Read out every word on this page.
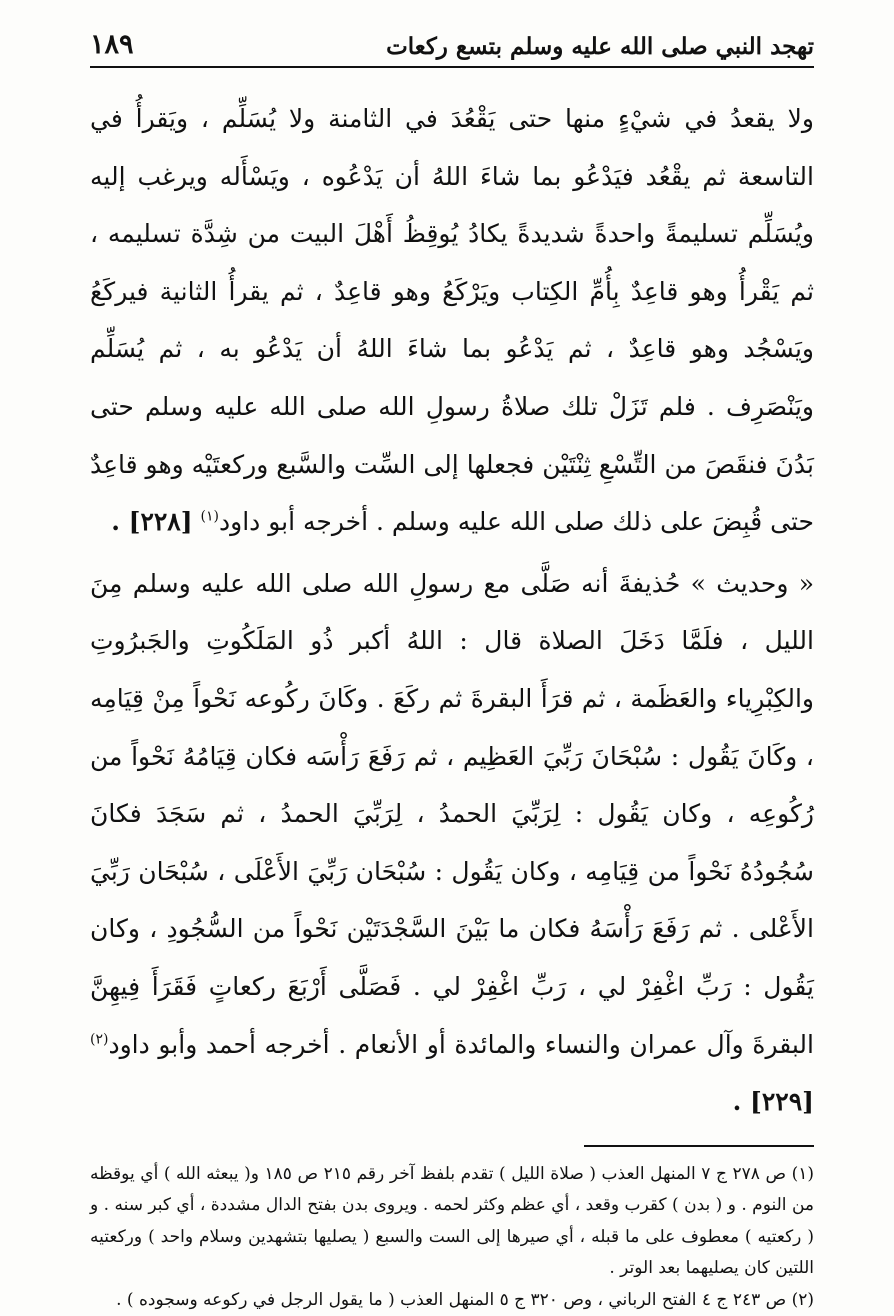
١٨٩	تهجد النبي صلى الله عليه وسلم بتسع ركعات

ولا يقعدُ في شيْءٍ منها حتى يَقْعُدَ في الثامنة ولا يُسَلِّم ، ويَقرأُ في التاسعة ثم يقْعُد فيَدْعُو بما شاءَ اللهُ أن يَدْعُوه ، ويَسْأَله ويرغب إليه ويُسَلِّم تسليمةً واحدةً شديدةً يكادُ يُوقِظُ أَهْلَ البيت من شِدَّة تسليمه ، ثم يَقْرأُ وهو قاعِدٌ بِأُمِّ الكِتاب ويَرْكَعُ وهو قاعِدٌ ، ثم يقرأُ الثانية فيركَعُ ويَسْجُد وهو قاعِدٌ ، ثم يَدْعُو بما شاءَ اللهُ أن يَدْعُو به ، ثم يُسَلِّم ويَنْصَرِف . فلم تَزَلْ تلك صلاةُ رسولِ الله صلى الله عليه وسلم حتى بَدُنَ فنقَصَ من التِّسْعِ ثِنْتَيْن فجعلها إلى السِّت والسَّبع وركعتَيْه وهو قاعِدٌ حتى قُبِضَ على ذلك صلى الله عليه وسلم . أخرجه أبو داود$^{(١)}$ [٢٢٨] .

« وحديث » حُذيفةَ أنه صَلَّى مع رسولِ الله صلى الله عليه وسلم مِنَ الليل ، فلَمَّا دَخَلَ الصلاة قال : اللهُ أكبر ذُو المَلَكُوتِ والجَبرُوتِ والكِبْرِياء والعَظَمة ، ثم قرَأَ البقرةَ ثم ركَعَ . وكَانَ ركُوعه نَحْواً مِنْ قِيَامِه ، وكَانَ يَقُول : سُبْحَانَ رَبِّيَ العَظِيم ، ثم رَفَعَ رَأْسَه فكان قِيَامُهُ نَحْواً من رُكُوعِه ، وكان يَقُول : لِرَبِّيَ الحمدُ ، لِرَبِّيَ الحمدُ ، ثم سَجَدَ فكانَ سُجُودُهُ نَحْواً من قِيَامِه ، وكان يَقُول : سُبْحَان رَبِّيَ الأَعْلَى ، سُبْحَان رَبِّيَ الأَعْلى . ثم رَفَعَ رَأْسَهُ فكان ما بَيْنَ السَّجْدَتَيْن نَحْواً من السُّجُودِ ، وكان يَقُول : رَبِّ اغْفِرْ لي ، رَبِّ اغْفِرْ لي . فَصَلَّى أَرْبَعَ ركعاتٍ فَقَرَأَ فِيهِنَّ البقرةَ وآل عمران والنساء والمائدة أو الأنعام . أخرجه أحمد وأبو داود$^{(٢)}$ [٢٢٩] .

(١) ص ٢٧٨ ج ٧ المنهل العذب ( صلاة الليل ) تقدم بلفظ آخر رقم ٢١٥ ص ١٨٥ و( يبعثه الله ) أي يوقظه من النوم . و ( بدن ) كقرب وقعد ، أي عظم وكثر لحمه . ويروى بدن بفتح الدال مشددة ، أي كبر سنه . و ( ركعتيه ) معطوف على ما قبله ، أي صيرها إلى الست والسبع ( يصليها بتشهدين وسلام واحد ) وركعتيه اللتين كان يصليهما بعد الوتر .

(٢) ص ٢٤٣ ج ٤ الفتح الرباني ، وص ٣٢٠ ج ٥ المنهل العذب ( ما يقول الرجل في ركوعه وسجوده ) .
